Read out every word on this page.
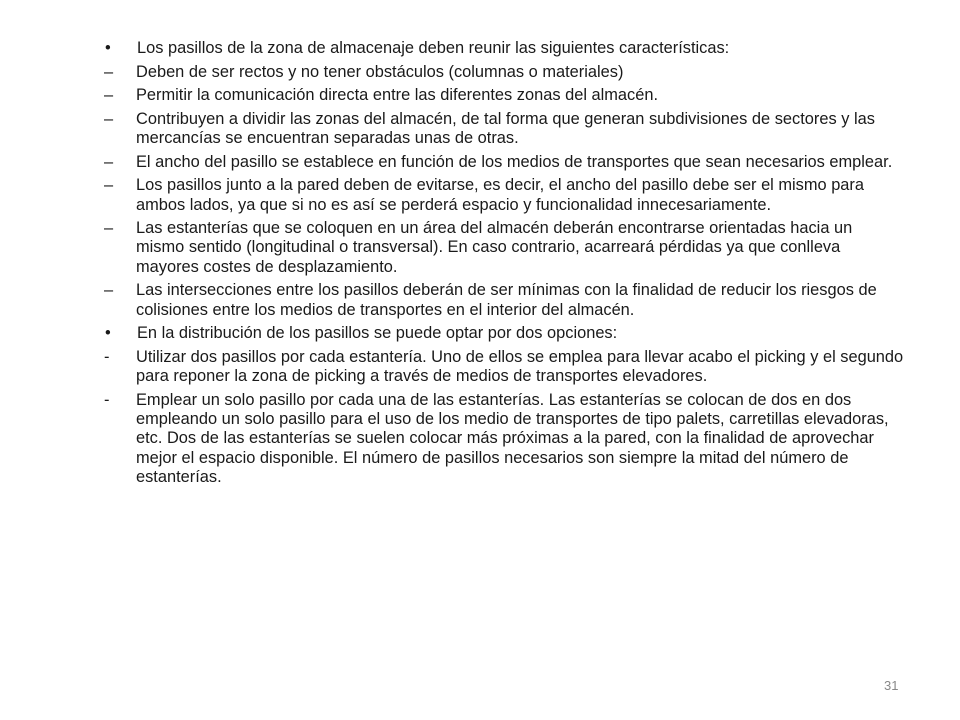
•	Los pasillos de la zona de almacenaje deben reunir las siguientes características:
–	Deben de ser rectos y no tener obstáculos (columnas o materiales)
–	Permitir la comunicación directa entre las diferentes zonas del almacén.
–	Contribuyen a dividir las zonas del almacén, de tal forma que generan subdivisiones de sectores y las mercancías se encuentran separadas unas de otras.
–	El ancho del pasillo se establece en función de los medios de transportes que sean necesarios emplear.
–	Los pasillos junto a la pared deben de evitarse, es decir, el ancho del pasillo debe ser el mismo para ambos lados, ya que si no es así se perderá espacio y funcionalidad innecesariamente.
–	Las estanterías que se coloquen en un área del almacén deberán encontrarse orientadas hacia un mismo sentido (longitudinal o transversal). En caso contrario, acarreará pérdidas ya que conlleva mayores costes de desplazamiento.
–	Las intersecciones entre los pasillos deberán de ser mínimas con la finalidad de reducir los riesgos de colisiones entre los medios de transportes en el interior del almacén.
•	En la distribución de los pasillos se puede optar por dos opciones:
-	Utilizar dos pasillos por cada estantería. Uno de ellos se emplea para llevar acabo el picking y el segundo para reponer la zona de picking a través de medios de transportes elevadores.
-	Emplear un solo pasillo por cada una de las estanterías. Las estanterías se colocan de dos en dos empleando un solo pasillo para el uso de los medio de transportes de tipo palets, carretillas elevadoras, etc. Dos de las estanterías se suelen colocar más próximas a la pared, con la finalidad de aprovechar mejor el espacio disponible. El número de pasillos necesarios son siempre la mitad del número de estanterías.
31
